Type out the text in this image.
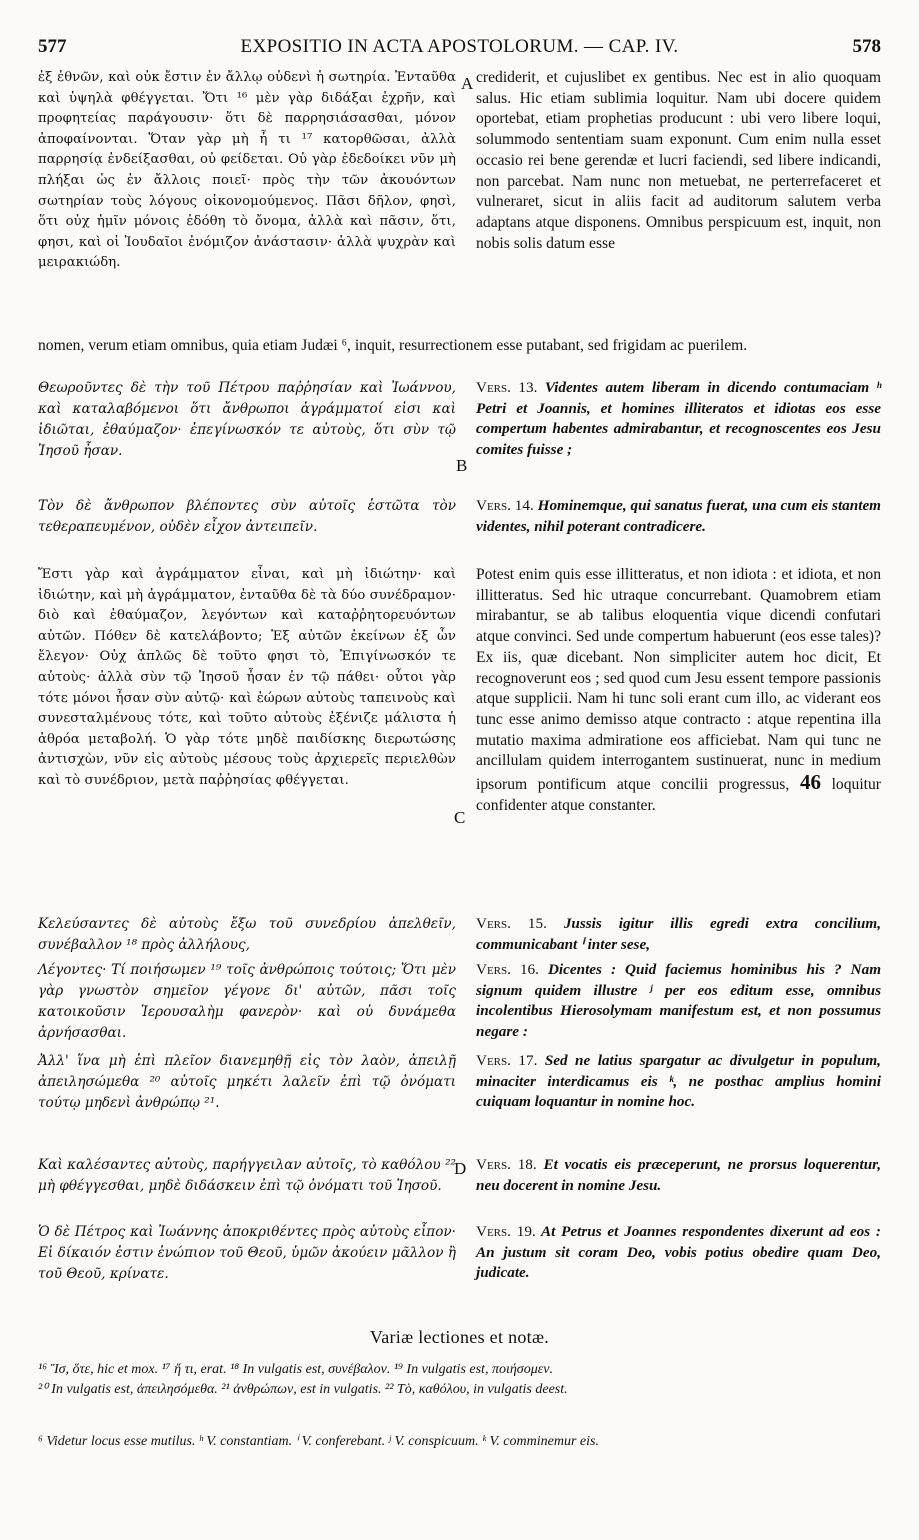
577	EXPOSITIO IN ACTA APOSTOLORUM. — CAP. IV.	578
A
B
C
D
ἐξ ἐθνῶν, καὶ οὐκ ἔστιν ἐν ἄλλῳ οὐδενὶ ἡ σωτηρία. Ἐνταῦθα καὶ ὑψηλὰ φθέγγεται. Ὅτι ¹⁶ μὲν γὰρ διδάξαι ἐχρῆν, καὶ προφητείας παράγουσιν· ὅτι δὲ παρρησιάσασθαι, μόνον ἀποφαίνονται. Ὅταν γὰρ μὴ ἦ τι ¹⁷ κατορθῶσαι, ἀλλὰ παρρησίᾳ ἐνδείξασθαι, οὐ φείδεται. Οὐ γὰρ ἐδεδοίκει νῦν μὴ πλήξαι ὡς ἐν ἄλλοις ποιεῖ· πρὸς τὴν τῶν ἀκουόντων σωτηρίαν τοὺς λόγους οἰκονομούμενος. Πᾶσι δῆλον, φησὶ, ὅτι οὐχ ἡμῖν μόνοις ἐδόθη τὸ ὄνομα, ἀλλὰ καὶ πᾶσιν, ὅτι, φησι, καὶ οἱ Ἰουδαῖοι ἐνόμιζον ἀνάστασιν· ἀλλὰ ψυχρὰν καὶ μειρακιώδη.
Θεωροῦντες δὲ τὴν τοῦ Πέτρου παῤῥησίαν καὶ Ἰωάννου, καὶ καταλαβόμενοι ὅτι ἄνθρωποι ἀγράμματοί εἰσι καὶ ἰδιῶται, ἐθαύμαζον· ἐπεγίνωσκόν τε αὐτοὺς, ὅτι σὺν τῷ Ἰησοῦ ἦσαν.
Τὸν δὲ ἄνθρωπον βλέποντες σὺν αὐτοῖς ἑστῶτα τὸν τεθεραπευμένον, οὐδὲν εἶχον ἀντειπεῖν.
Ἔστι γὰρ καὶ ἀγράμματον εἶναι, καὶ μὴ ἰδιώτην· καὶ ἰδιώτην, καὶ μὴ ἀγράμματον, ἐνταῦθα δὲ τὰ δύο συνέδραμον· διὸ καὶ ἐθαύμαζον, λεγόντων καὶ καταῤῥητορευόντων αὐτῶν. Πόθεν δὲ κατελάβοντο; Ἐξ αὐτῶν ἐκείνων ἐξ ὧν ἔλεγον· Οὐχ ἁπλῶς δὲ τοῦτο φησι τὸ, Ἐπιγίνωσκόν τε αὐτοὺς· ἀλλὰ σὺν τῷ Ἰησοῦ ἦσαν ἐν τῷ πάθει· οὗτοι γὰρ τότε μόνοι ἦσαν σὺν αὐτῷ· καὶ ἑώρων αὐτοὺς ταπεινοὺς καὶ συνεσταλμένους τότε, καὶ τοῦτο αὐτοὺς ἐξένιζε μάλιστα ἡ ἀθρόα μεταβολή. Ὁ γὰρ τότε μηδὲ παιδίσκης διερωτώσης ἀντισχὼν, νῦν εἰς αὐτοὺς μέσους τοὺς ἀρχιερεῖς περιελθὼν καὶ τὸ συνέδριον, μετὰ παῤῥησίας φθέγγεται.
Κελεύσαντες δὲ αὐτοὺς ἔξω τοῦ συνεδρίου ἀπελθεῖν, συνέβαλλον ¹⁸ πρὸς ἀλλήλους,
Λέγοντες· Τί ποιήσωμεν ¹⁹ τοῖς ἀνθρώποις τούτοις; Ὅτι μὲν γὰρ γνωστὸν σημεῖον γέγονε δι' αὐτῶν, πᾶσι τοῖς κατοικοῦσιν Ἱερουσαλὴμ φανερὸν· καὶ οὐ δυνάμεθα ἀρνήσασθαι.
Ἀλλ' ἵνα μὴ ἐπὶ πλεῖον διανεμηθῇ εἰς τὸν λαὸν, ἀπειλῇ ἀπειλησώμεθα ²⁰ αὐτοῖς μηκέτι λαλεῖν ἐπὶ τῷ ὀνόματι τούτῳ μηδενὶ ἀνθρώπῳ ²¹.
Καὶ καλέσαντες αὐτοὺς, παρήγγειλαν αὐτοῖς, τὸ καθόλου ²² μὴ φθέγγεσθαι, μηδὲ διδάσκειν ἐπὶ τῷ ὀνόματι τοῦ Ἰησοῦ.
Ὁ δὲ Πέτρος καὶ Ἰωάννης ἀποκριθέντες πρὸς αὐτοὺς εἶπον· Εἰ δίκαιόν ἐστιν ἐνώπιον τοῦ Θεοῦ, ὑμῶν ἀκούειν μᾶλλον ἢ τοῦ Θεοῦ, κρίνατε.
crediderit, et cujuslibet ex gentibus. Nec est in alio quoquam salus. Hic etiam sublimia loquitur. Nam ubi docere quidem oportebat, etiam prophetias producunt : ubi vero libere loqui, solummodo sententiam suam exponunt. Cum enim nulla esset occasio rei bene gerendæ et lucri faciendi, sed libere indicandi, non parcebat. Nam nunc non metuebat, ne perterrefaceret et vulneraret, sicut in aliis facit ad auditorum salutem verba adaptans atque disponens. Omnibus perspicuum est, inquit, non nobis solis datum esse
nomen, verum etiam omnibus, quia etiam Judæi ⁶, inquit, resurrectionem esse putabant, sed frigidam ac puerilem.
Vers. 13. Videntes autem liberam in dicendo contumaciam ʰ Petri et Joannis, et homines illiteratos et idiotas eos esse compertum habentes admirabantur, et recognoscentes eos Jesu comites fuisse ;
Vers. 14. Hominemque, qui sanatus fuerat, una cum eis stantem videntes, nihil poterant contradicere.
Potest enim quis esse illitteratus, et non idiota : et idiota, et non illitteratus. Sed hic utraque concurrebant. Quamobrem etiam mirabantur, se ab talibus eloquentia vique dicendi confutari atque convinci. Sed unde compertum habuerunt (eos esse tales)? Ex iis, quæ dicebant. Non simpliciter autem hoc dicit, Et recognoverunt eos ; sed quod cum Jesu essent tempore passionis atque supplicii. Nam hi tunc soli erant cum illo, ac viderant eos tunc esse animo demisso atque contracto : atque repentina illa mutatio maxima admiratione eos afficiebat. Nam qui tunc ne ancillulam quidem interrogantem sustinuerat, nunc in medium ipsorum pontificum atque concilii progressus, 46 loquitur confidenter atque constanter.
Vers. 15. Jussis igitur illis egredi extra concilium, communicabant ⁱ inter sese,
Vers. 16. Dicentes : Quid faciemus hominibus his ? Nam signum quidem illustre ʲ per eos editum esse, omnibus incolentibus Hierosolymam manifestum est, et non possumus negare :
Vers. 17. Sed ne latius spargatur ac divulgetur in populum, minaciter interdicamus eis ᵏ, ne posthac amplius homini cuiquam loquantur in nomine hoc.
Vers. 18. Et vocatis eis præceperunt, ne prorsus loquerentur, neu docerent in nomine Jesu.
Vers. 19. At Petrus et Joannes respondentes dixerunt ad eos : An justum sit coram Deo, vobis potius obedire quam Deo, judicate.
Variæ lectiones et notæ.
¹⁶ Ἴσ, ὅτε, hic et mox. ¹⁷ ἤ τι, erat. ¹⁸ In vulgatis est, συνέβαλον. ¹⁹ In vulgatis est, ποιήσομεν.
²⁰ In vulgatis est, ἀπειλησόμεθα. ²¹ ἀνθρώπων, est in vulgatis. ²² Τὸ, καθόλου, in vulgatis deest.
⁶ Videtur locus esse mutilus. ʰ V. constantiam. ⁱ V. conferebant. ʲ V. conspicuum. ᵏ V. comminemur eis.
